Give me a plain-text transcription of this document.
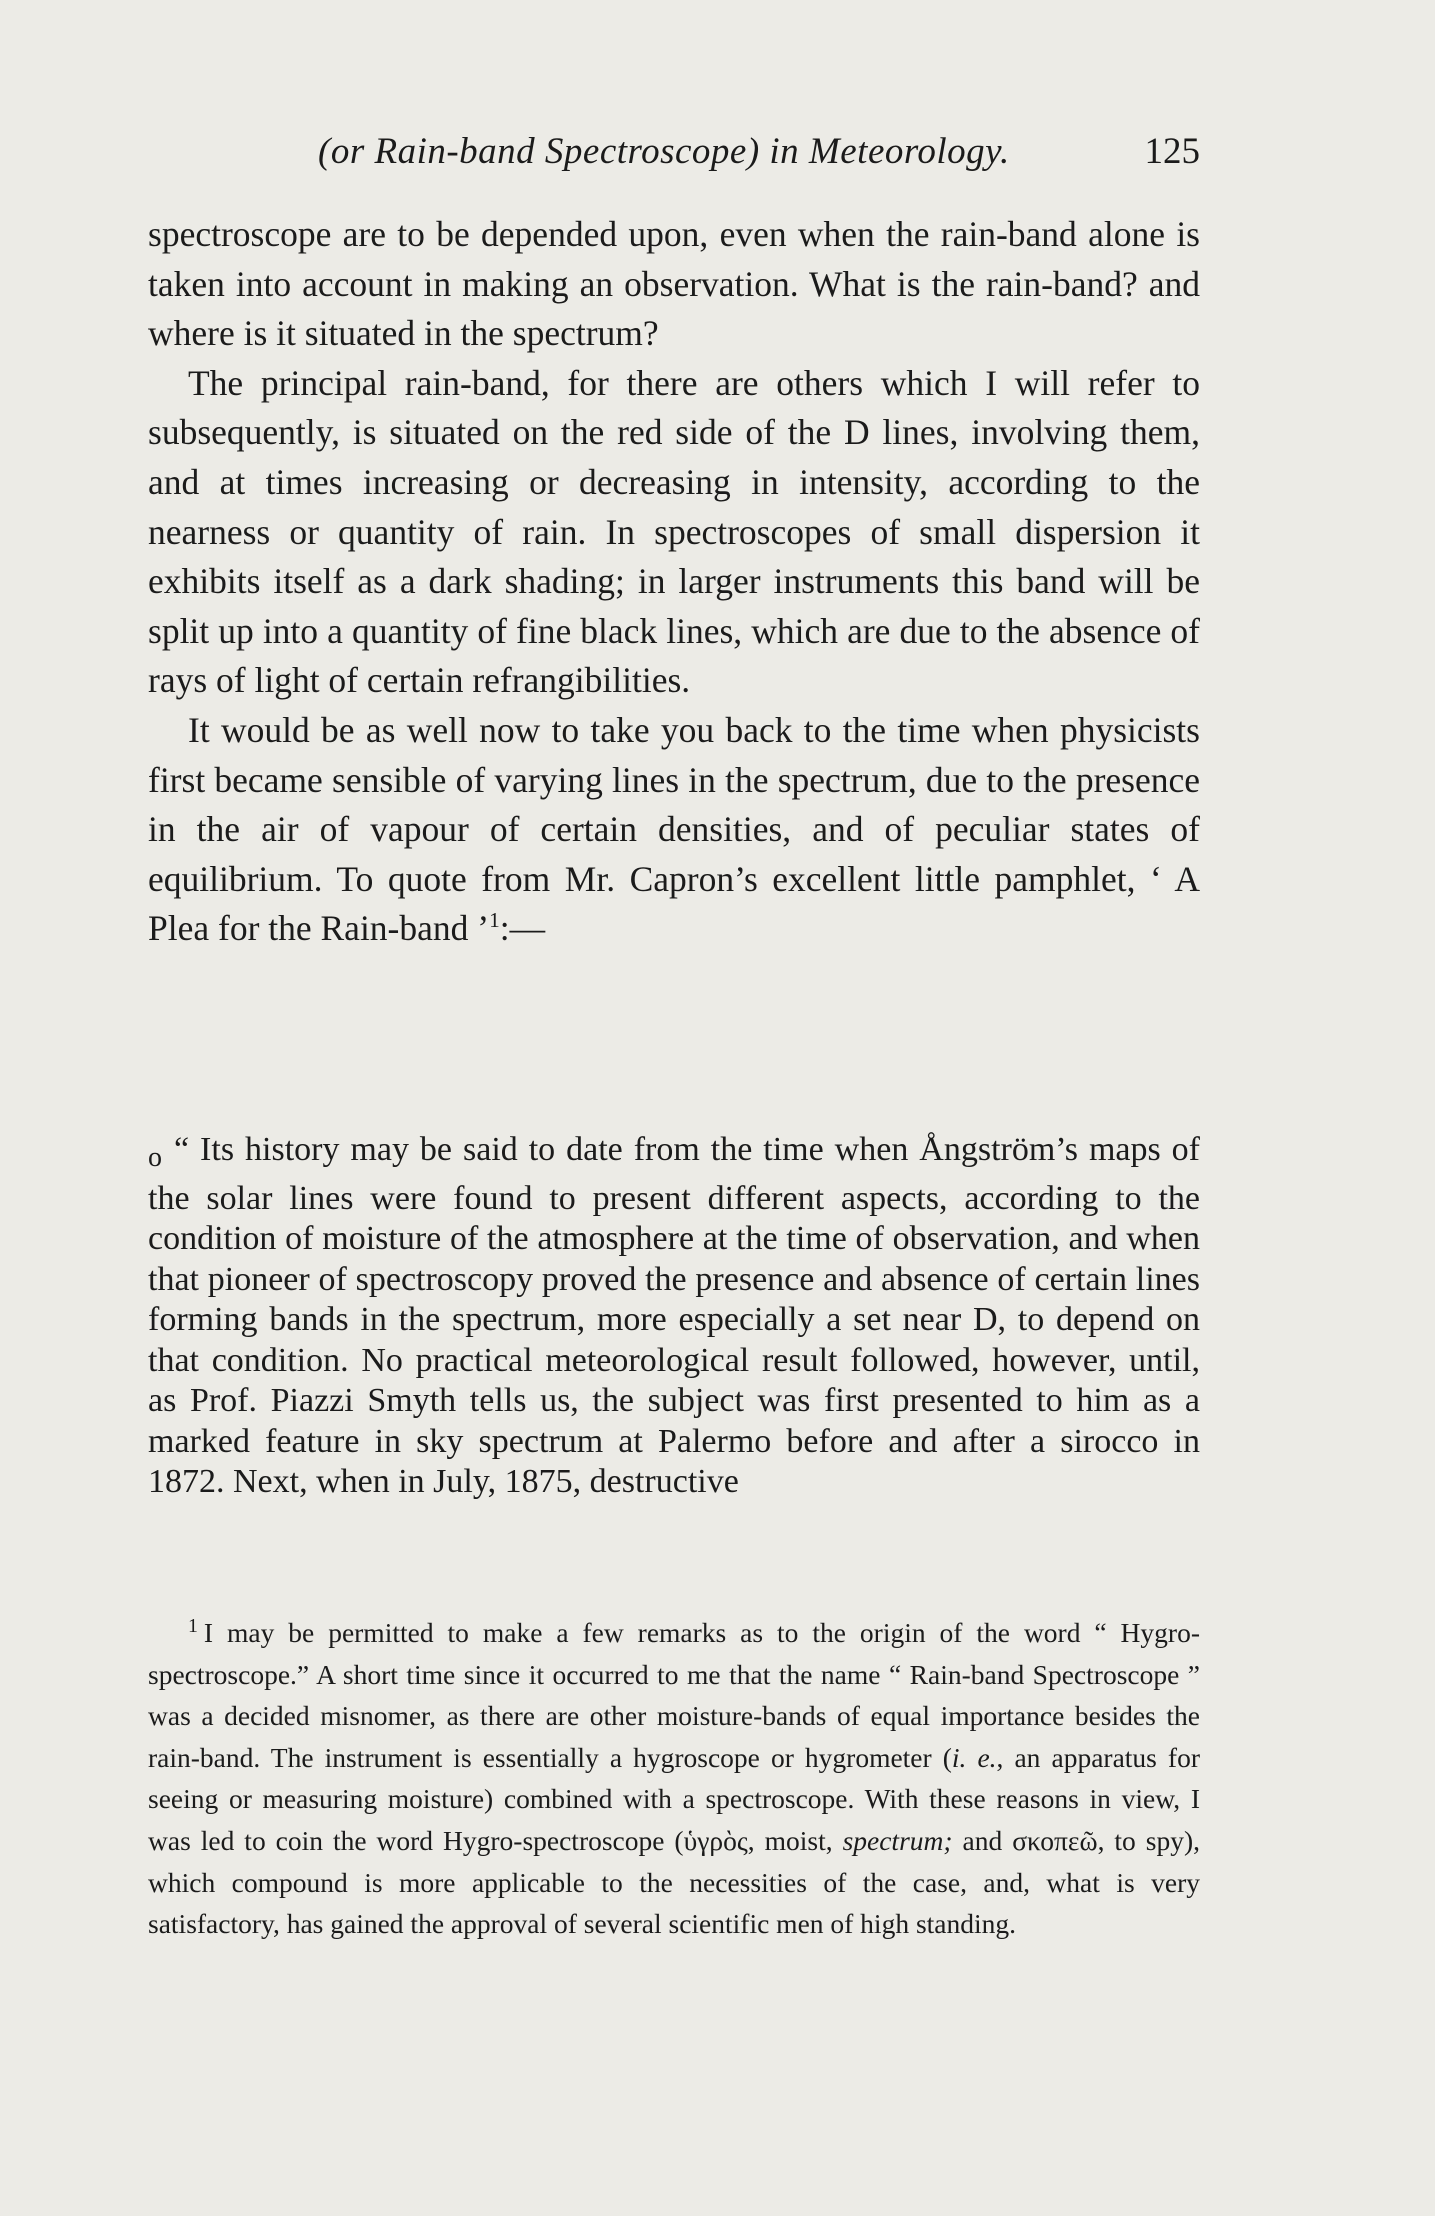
(or Rain-band Spectroscope) in Meteorology.	125

spectroscope are to be depended upon, even when the rain-band alone is taken into account in making an observation. What is the rain-band? and where is it situated in the spectrum?

The principal rain-band, for there are others which I will refer to subsequently, is situated on the red side of the D lines, involving them, and at times increasing or decreasing in intensity, according to the nearness or quantity of rain. In spectroscopes of small dispersion it exhibits itself as a dark shading; in larger instruments this band will be split up into a quantity of fine black lines, which are due to the absence of rays of light of certain refrangibilities.

It would be as well now to take you back to the time when physicists first became sensible of varying lines in the spectrum, due to the presence in the air of vapour of certain densities, and of peculiar states of equilibrium. To quote from Mr. Capron’s excellent little pamphlet, ‘ A Plea for the Rain-band ’$^1$:—

o “ Its history may be said to date from the time when Ångström’s maps of the solar lines were found to present different aspects, according to the condition of moisture of the atmosphere at the time of observation, and when that pioneer of spectroscopy proved the presence and absence of certain lines forming bands in the spectrum, more especially a set near D, to depend on that condition. No practical meteorological result followed, however, until, as Prof. Piazzi Smyth tells us, the subject was first presented to him as a marked feature in sky spectrum at Palermo before and after a sirocco in 1872. Next, when in July, 1875, destructive

$^1$ I may be permitted to make a few remarks as to the origin of the word “ Hygro-spectroscope.” A short time since it occurred to me that the name “ Rain-band Spectroscope ” was a decided misnomer, as there are other moisture-bands of equal importance besides the rain-band. The instrument is essentially a hygroscope or hygrometer (i. e., an apparatus for seeing or measuring moisture) combined with a spectroscope. With these reasons in view, I was led to coin the word Hygro-spectroscope (ὑγρὸς, moist, spectrum; and σκοπεῶ, to spy), which compound is more applicable to the necessities of the case, and, what is very satisfactory, has gained the approval of several scientific men of high standing.
